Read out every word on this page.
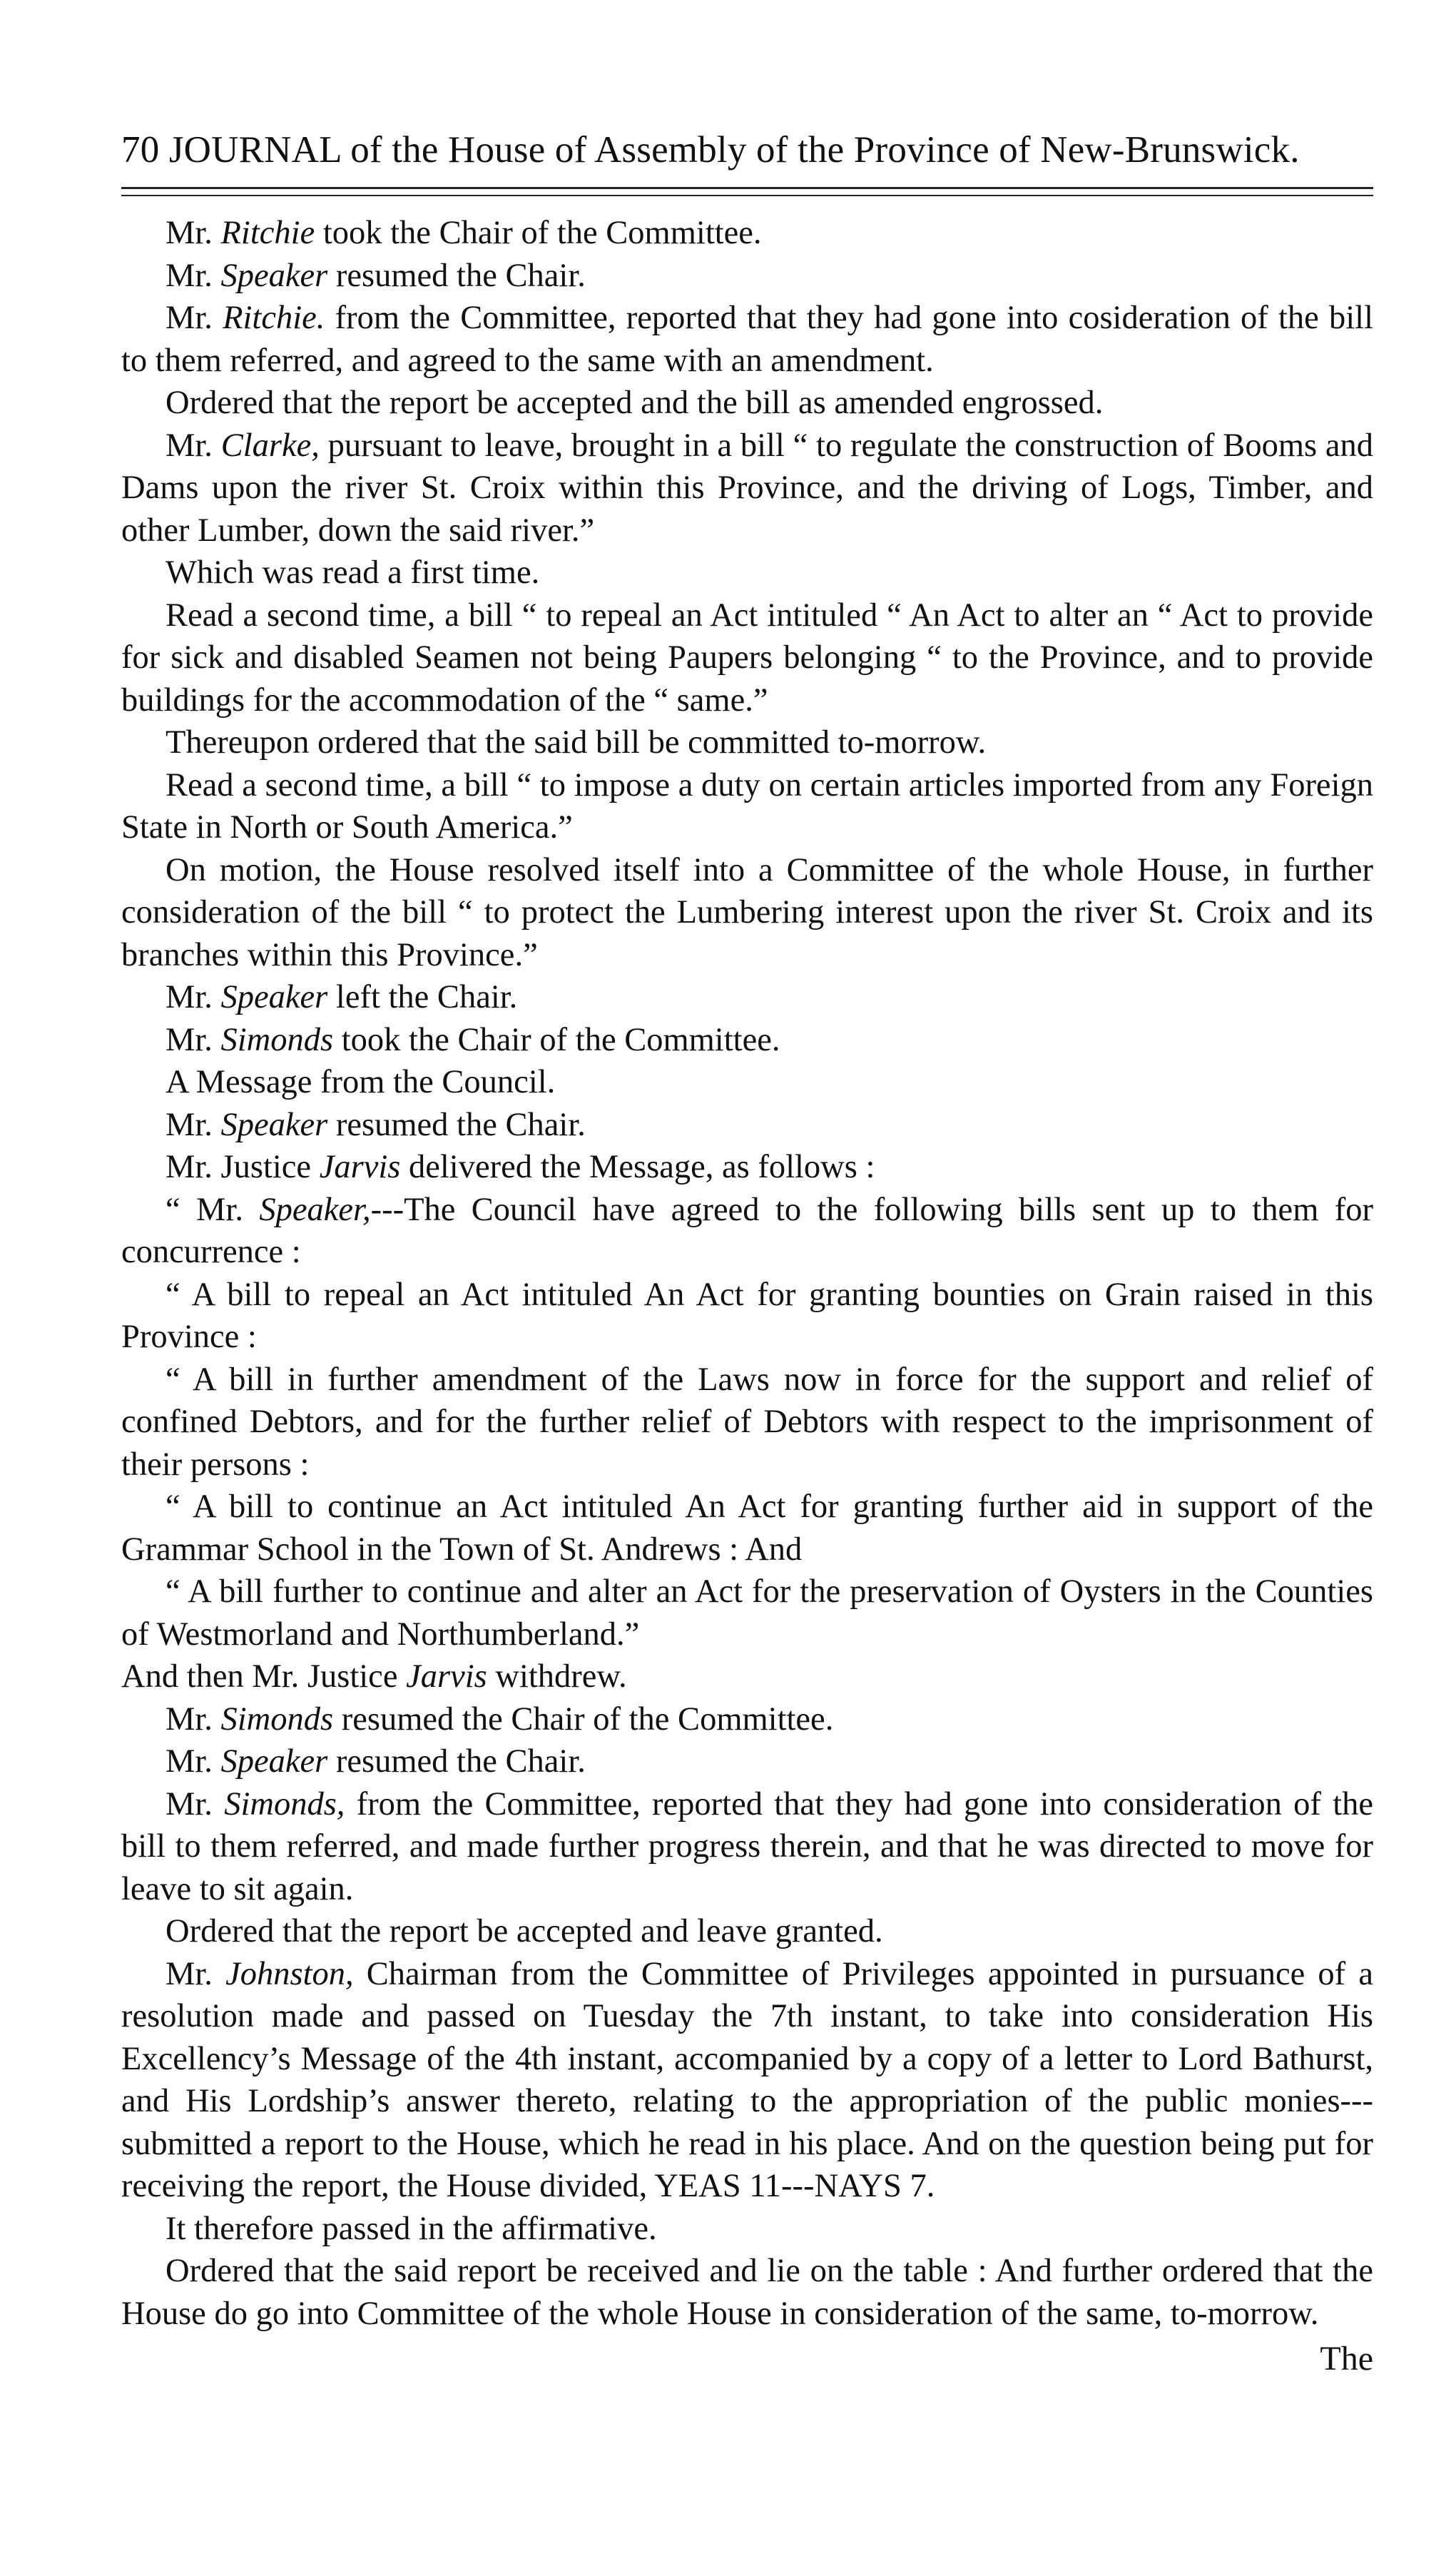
70 JOURNAL of the House of Assembly of the Province of New-Brunswick.

Mr. Ritchie took the Chair of the Committee.

Mr. Speaker resumed the Chair.

Mr. Ritchie. from the Committee, reported that they had gone into cosideration of the bill to them referred, and agreed to the same with an amendment.

Ordered that the report be accepted and the bill as amended engrossed.

Mr. Clarke, pursuant to leave, brought in a bill “ to regulate the construction of Booms and Dams upon the river St. Croix within this Province, and the driving of Logs, Timber, and other Lumber, down the said river.”

Which was read a first time.

Read a second time, a bill “ to repeal an Act intituled “ An Act to alter an “ Act to provide for sick and disabled Seamen not being Paupers belonging “ to the Province, and to provide buildings for the accommodation of the “ same.”

Thereupon ordered that the said bill be committed to-morrow.

Read a second time, a bill “ to impose a duty on certain articles imported from any Foreign State in North or South America.”

On motion, the House resolved itself into a Committee of the whole House, in further consideration of the bill “ to protect the Lumbering interest upon the river St. Croix and its branches within this Province.”

Mr. Speaker left the Chair.

Mr. Simonds took the Chair of the Committee.

A Message from the Council.

Mr. Speaker resumed the Chair.

Mr. Justice Jarvis delivered the Message, as follows :

“ Mr. Speaker,---The Council have agreed to the following bills sent up to them for concurrence :

“ A bill to repeal an Act intituled An Act for granting bounties on Grain raised in this Province :

“ A bill in further amendment of the Laws now in force for the support and relief of confined Debtors, and for the further relief of Debtors with respect to the imprisonment of their persons :

“ A bill to continue an Act intituled An Act for granting further aid in support of the Grammar School in the Town of St. Andrews : And

“ A bill further to continue and alter an Act for the preservation of Oysters in the Counties of Westmorland and Northumberland.”

And then Mr. Justice Jarvis withdrew.

Mr. Simonds resumed the Chair of the Committee.

Mr. Speaker resumed the Chair.

Mr. Simonds, from the Committee, reported that they had gone into consideration of the bill to them referred, and made further progress therein, and that he was directed to move for leave to sit again.

Ordered that the report be accepted and leave granted.

Mr. Johnston, Chairman from the Committee of Privileges appointed in pursuance of a resolution made and passed on Tuesday the 7th instant, to take into consideration His Excellency’s Message of the 4th instant, accompanied by a copy of a letter to Lord Bathurst, and His Lordship’s answer thereto, relating to the appropriation of the public monies---submitted a report to the House, which he read in his place. And on the question being put for receiving the report, the House divided, YEAS 11---NAYS 7.

It therefore passed in the affirmative.

Ordered that the said report be received and lie on the table : And further ordered that the House do go into Committee of the whole House in consideration of the same, to-morrow.

The
